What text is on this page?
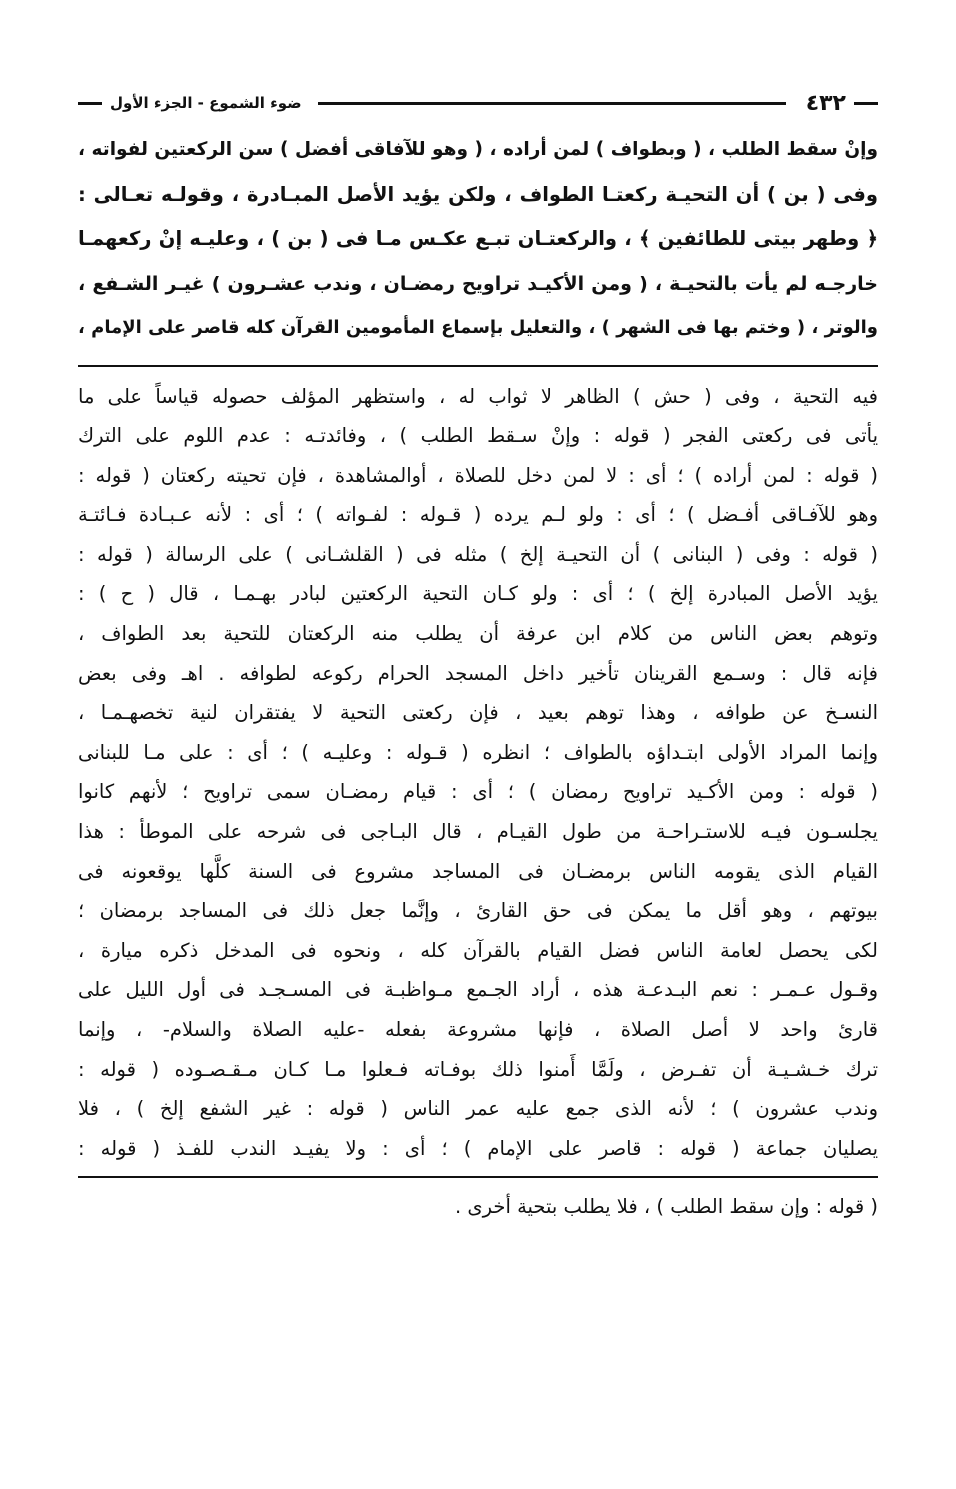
٤٣٢
ضوء الشموع - الجزء الأول

وإنْ سقط الطلب ، ( وبطواف ) لمن أراده ، ( وهو للآفاقى أفضل ) سن الركعتين لفواته ،

وفى ( بن ) أن التحيـة ركعتـا الطواف ، ولكن يؤيد الأصل المبـادرة ، وقولـه تعـالى :

﴿ وطهر بيتى للطائفين ﴾ ، والركعتـان تبـع عكـس مـا فى ( بن ) ، وعليـه إنْ ركعهمـا

خارجـه لم يأت بالتحيـة ، ( ومن الأكيـد تراويح رمضـان ، وندب عشـرون ) غيـر الشـفع ،

والوتر ، ( وختم بها فى الشهر ) ، والتعليل بإسماع المأمومين القرآن كله قاصر على الإمام ،

فيه التحية ، وفى ( حش ) الظاهر لا ثواب له ، واستظهر المؤلف حصوله قياساً على ما

يأتى فى ركعتى الفجر ( قوله : وإنْ سـقط الطلب ) ، وفائدتـه : عدم اللوم على الترك

( قوله : لمن أراده ) ؛ أى : لا لمن دخل للصلاة ، أوالمشاهدة ، فإن تحيته ركعتان ( قوله :

وهو للآفـاقى أفـضل ) ؛ أى : ولو لـم يرده ( قـوله : لفـواته ) ؛ أى : لأنه عـبـادة فـائتـة

( قوله : وفى ( البنانى ) أن التحيـة إلخ ) مثله فى ( القلشـانى ) على الرسالة ( قوله :

يؤيد الأصل المبادرة إلخ ) ؛ أى : ولو كـان التحية الركعتين لبادر بهـمـا ، قال ( ح ) :

وتوهم بعض الناس من كلام ابن عرفة أن يطلب منه الركعتان للتحية بعد الطواف ،

فإنه قال : وسـمع القرينان تأخير داخل المسجد الحرام ركوعه لطوافه . اهـ وفى بعض

النسـخ عن طوافه ، وهذا توهم بعيد ، فإن ركعتى التحية لا يفتقران لنية تخصهـمـا ،

وإنما المراد الأولى ابتـداؤه بالطواف ؛ انظره ( قـوله : وعليـه ) ؛ أى : على مـا للبنانى

( قوله : ومن الأكـيد تراويح رمضان ) ؛ أى : قيام رمضـان سمى تراويح ؛ لأنهم كانوا

يجلسـون فيـه للاستـراحـة من طول القيـام ، قال البـاجى فى شرحه على الموطأ : هذا

القيام الذى يقومه الناس برمضـان فى المساجد مشروع فى السنة كلَّها يوقعونه فى

بيوتهم ، وهو أقل ما يمكن فى حق القارئ ، وإنَّما جعل ذلك فى المساجد برمضان ؛

لكى يحصل لعامة الناس فضل القيام بالقرآن كله ، ونحوه فى المدخل ذكره ميارة ،

وقـول عـمـر : نعم البـدعـة هذه ، أراد الجـمع مـواظبـة فى المسـجـد فى أول الليل على

قارئ واحد لا أصل الصلاة ، فإنها مشروعة بفعله -عليه الصلاة والسلام- ، وإنما

ترك خـشـيـة أن تفـرض ، ولَمَّا أَمنوا ذلك بوفـاته فـعلوا مـا كـان مـقـصـوده ( قوله :

وندب عشرون ) ؛ لأنه الذى جمع عليه عمر الناس ( قوله : غير الشفع إلخ ) ، فلا

يصليان جماعة ( قوله : قاصر على الإمام ) ؛ أى : ولا يفيـد الندب للفـذ ( قوله :

( قوله : وإن سقط الطلب ) ، فلا يطلب بتحية أخرى .
